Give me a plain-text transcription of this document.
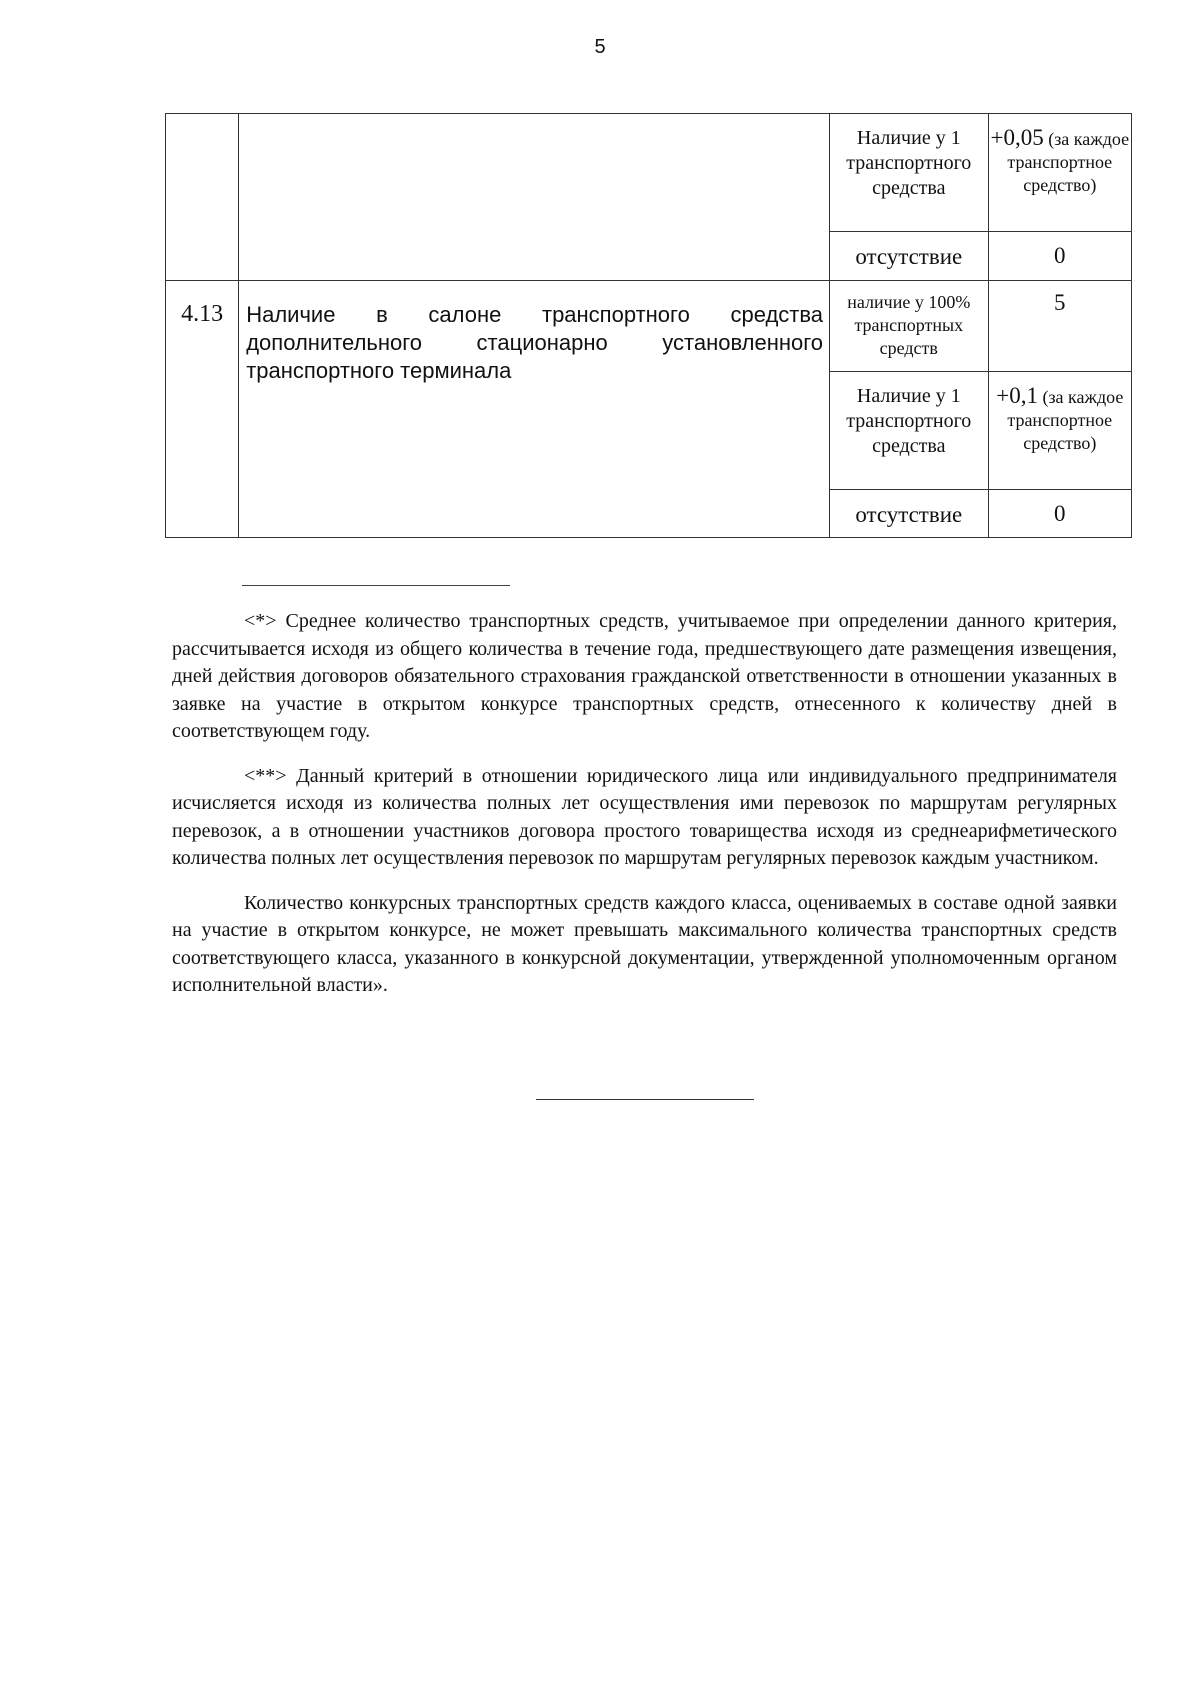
5

		Наличие у 1 транспортного средства	+0,05 (за каждое транспортное средство)

		отсутствие	0

4.13	Наличие в салоне транспортного средства дополнительного стационарно установленного транспортного терминала	наличие у 100% транспортных средств	5

		Наличие у 1 транспортного средства	+0,1 (за каждое транспортное средство)

		отсутствие	0

<*> Среднее количество транспортных средств, учитываемое при определении данного критерия, рассчитывается исходя из общего количества в течение года, предшествующего дате размещения извещения, дней действия договоров обязательного страхования гражданской ответственности в отношении указанных в заявке на участие в открытом конкурсе транспортных средств, отнесенного к количеству дней в соответствующем году.

<**> Данный критерий в отношении юридического лица или индивидуального предпринимателя исчисляется исходя из количества полных лет осуществления ими перевозок по маршрутам регулярных перевозок, а в отношении участников договора простого товарищества исходя из среднеарифметического количества полных лет осуществления перевозок по маршрутам регулярных перевозок каждым участником.

Количество конкурсных транспортных средств каждого класса, оцениваемых в составе одной заявки на участие в открытом конкурсе, не может превышать максимального количества транспортных средств соответствующего класса, указанного в конкурсной документации, утвержденной уполномоченным органом исполнительной власти».
